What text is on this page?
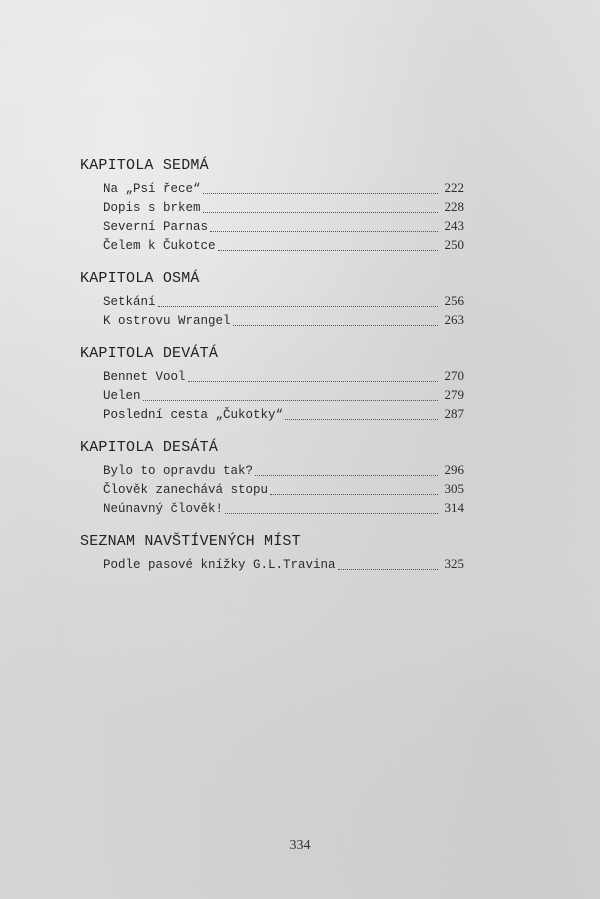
KAPITOLA SEDMÁ
Na „Psí řece“	222
Dopis s brkem	228
Severní Parnas	243
Čelem k Čukotce	250
KAPITOLA OSMÁ
Setkání	256
K ostrovu Wrangel	263
KAPITOLA DEVÁTÁ
Bennet Vool	270
Uelen	279
Poslední cesta „Čukotky“	287
KAPITOLA DESÁTÁ
Bylo to opravdu tak?	296
Člověk zanechává stopu	305
Neúnavný člověk!	314
SEZNAM NAVŠTÍVENÝCH MÍST
Podle pasové knížky G.L.Travina	325
334
